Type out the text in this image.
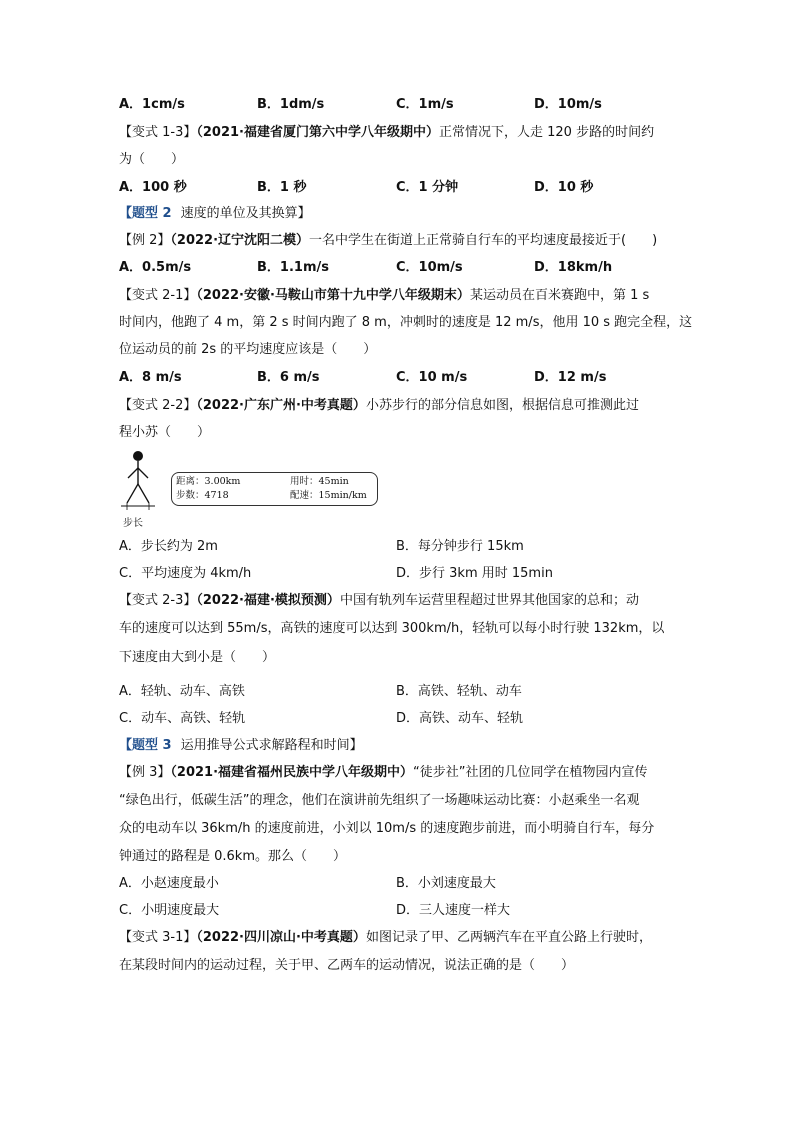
A．1cm/s	B．1dm/s	C．1m/s	D．10m/s
【变式 1-3】（2021·福建省厦门第六中学八年级期中）正常情况下，人走 120 步路的时间约
为（　　）
A．100 秒	B．1 秒	C．1 分钟	D．10 秒
【题型 2 速度的单位及其换算】
【例 2】（2022·辽宁沈阳二模）一名中学生在街道上正常骑自行车的平均速度最接近于(　　)
A．0.5m/s	B．1.1m/s	C．10m/s	D．18km/h
【变式 2-1】（2022·安徽·马鞍山市第十九中学八年级期末）某运动员在百米赛跑中，第 1 s
时间内，他跑了 4 m，第 2 s 时间内跑了 8 m，冲刺时的速度是 12 m/s，他用 10 s 跑完全程，这
位运动员的前 2s 的平均速度应该是（　　）
A．8 m/s	B．6 m/s	C．10 m/s	D．12 m/s
【变式 2-2】（2022·广东广州·中考真题）小苏步行的部分信息如图，根据信息可推测此过
程小苏（　　）
步长
距离：3.00km	用时：45min
步数：4718	配速：15min/km
A．步长约为 2m	B．每分钟步行 15km
C．平均速度为 4km/h	D．步行 3km 用时 15min
【变式 2-3】（2022·福建·模拟预测）中国有轨列车运营里程超过世界其他国家的总和；动
车的速度可以达到 55m/s，高铁的速度可以达到 300km/h，轻轨可以每小时行驶 132km，以
下速度由大到小是（　　）
A．轻轨、动车、高铁	B．高铁、轻轨、动车
C．动车、高铁、轻轨	D．高铁、动车、轻轨
【题型 3 运用推导公式求解路程和时间】
【例 3】（2021·福建省福州民族中学八年级期中）“徒步社”社团的几位同学在植物园内宣传
“绿色出行，低碳生活”的理念，他们在演讲前先组织了一场趣味运动比赛：小赵乘坐一名观
众的电动车以 36km/h 的速度前进，小刘以 10m/s 的速度跑步前进，而小明骑自行车，每分
钟通过的路程是 0.6km。那么（　　）
A．小赵速度最小	B．小刘速度最大
C．小明速度最大	D．三人速度一样大
【变式 3-1】（2022·四川凉山·中考真题）如图记录了甲、乙两辆汽车在平直公路上行驶时，
在某段时间内的运动过程，关于甲、乙两车的运动情况，说法正确的是（　　）
